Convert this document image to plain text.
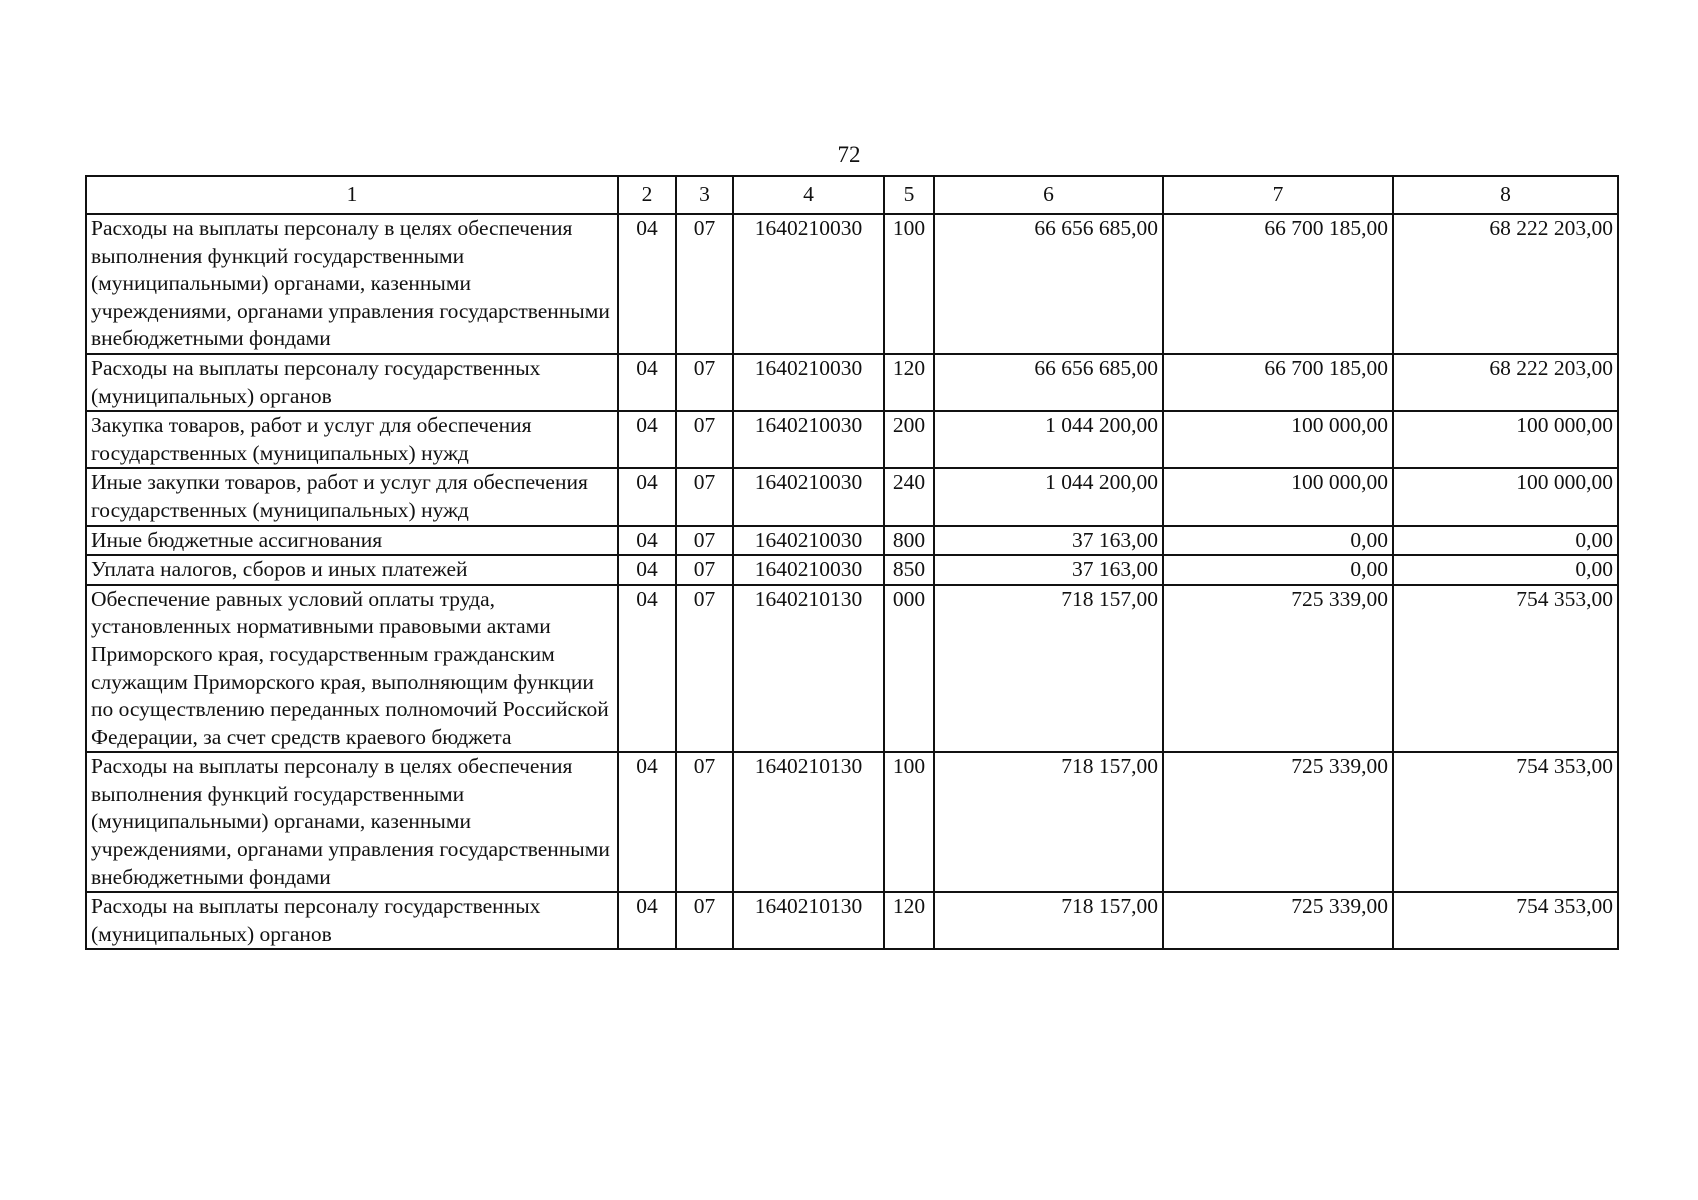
72
1	2	3	4	5	6	7	8
Расходы на выплаты персоналу в целях обеспечения выполнения функций государственными (муниципальными) органами, казенными учреждениями, органами управления государственными внебюджетными фондами	04	07	1640210030	100	66 656 685,00	66 700 185,00	68 222 203,00
Расходы на выплаты персоналу государственных (муниципальных) органов	04	07	1640210030	120	66 656 685,00	66 700 185,00	68 222 203,00
Закупка товаров, работ и услуг для обеспечения государственных (муниципальных) нужд	04	07	1640210030	200	1 044 200,00	100 000,00	100 000,00
Иные закупки товаров, работ и услуг для обеспечения государственных (муниципальных) нужд	04	07	1640210030	240	1 044 200,00	100 000,00	100 000,00
Иные бюджетные ассигнования	04	07	1640210030	800	37 163,00	0,00	0,00
Уплата налогов, сборов и иных платежей	04	07	1640210030	850	37 163,00	0,00	0,00
Обеспечение равных условий оплаты труда, установленных нормативными правовыми актами Приморского края, государственным гражданским служащим Приморского края, выполняющим функции по осуществлению переданных полномочий Российской Федерации, за счет средств краевого бюджета	04	07	1640210130	000	718 157,00	725 339,00	754 353,00
Расходы на выплаты персоналу в целях обеспечения выполнения функций государственными (муниципальными) органами, казенными учреждениями, органами управления государственными внебюджетными фондами	04	07	1640210130	100	718 157,00	725 339,00	754 353,00
Расходы на выплаты персоналу государственных (муниципальных) органов	04	07	1640210130	120	718 157,00	725 339,00	754 353,00
